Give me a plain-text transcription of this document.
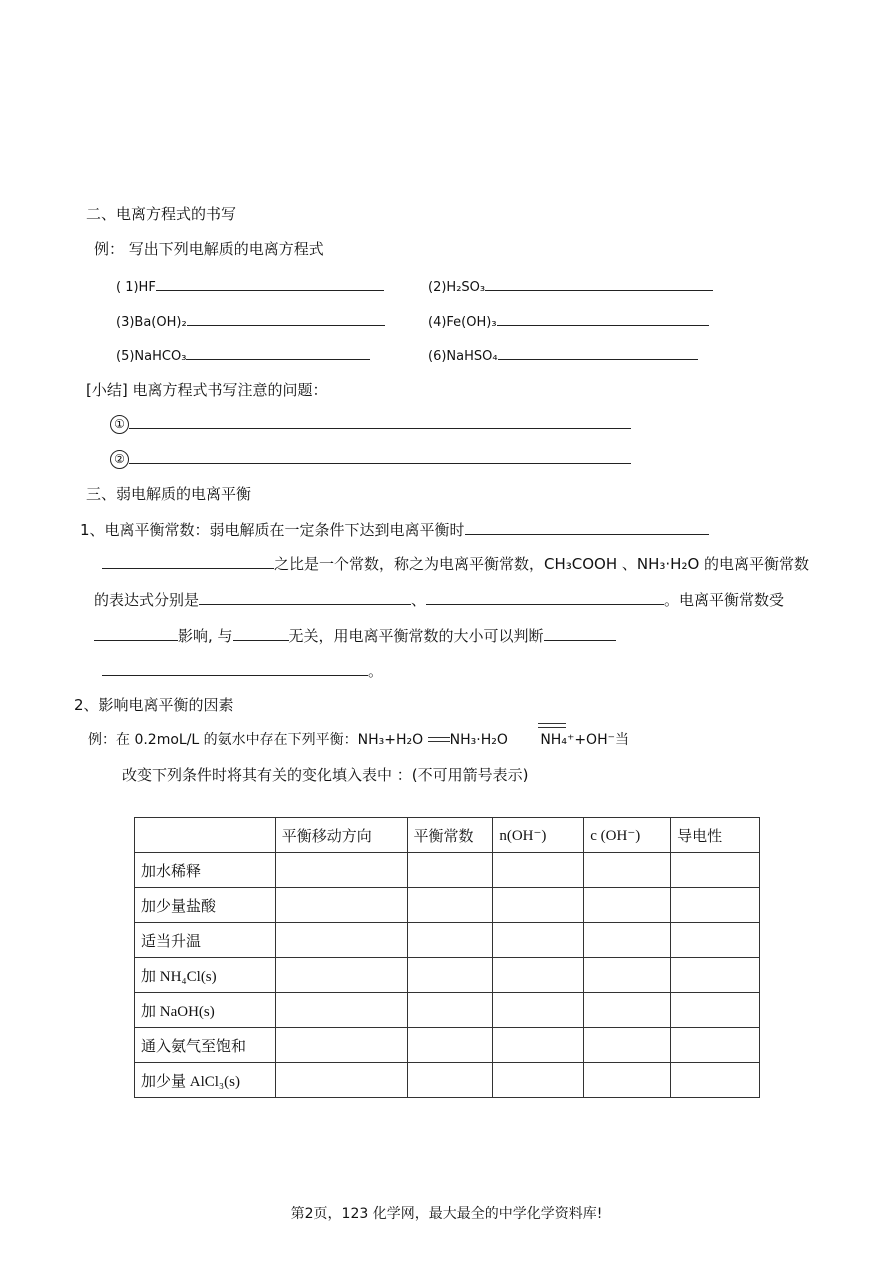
二、电离方程式的书写
例： 写出下列电解质的电离方程式
( 1)HF	(2)H₂SO₃
(3)Ba(OH)₂	(4)Fe(OH)₃
(5)NaHCO₃	(6)NaHSO₄
[小结] 电离方程式书写注意的问题：
①
②
三、弱电解质的电离平衡
1、电离平衡常数：弱电解质在一定条件下达到电离平衡时
之比是一个常数，称之为电离平衡常数，CH₃COOH 、NH₃·H₂O 的电离平衡常数
的表达式分别是	、	。电离平衡常数受
影响, 与	无关，用电离平衡常数的大小可以判断
。
2、影响电离平衡的因素
例：在 0.2moL/L 的氨水中存在下列平衡：NH₃+H₂O NH₃·H₂O NH₄⁺+OH⁻当
改变下列条件时将其有关的变化填入表中 ：(不可用箭号表示)
	平衡移动方向	平衡常数	n(OH⁻)	c (OH⁻)	导电性
加水稀释					
加少量盐酸					
适当升温					
加 NH₄Cl(s)					
加 NaOH(s)					
通入氨气至饱和					
加少量 AlCl₃(s)					
第2页，123 化学网，最大最全的中学化学资料库!
